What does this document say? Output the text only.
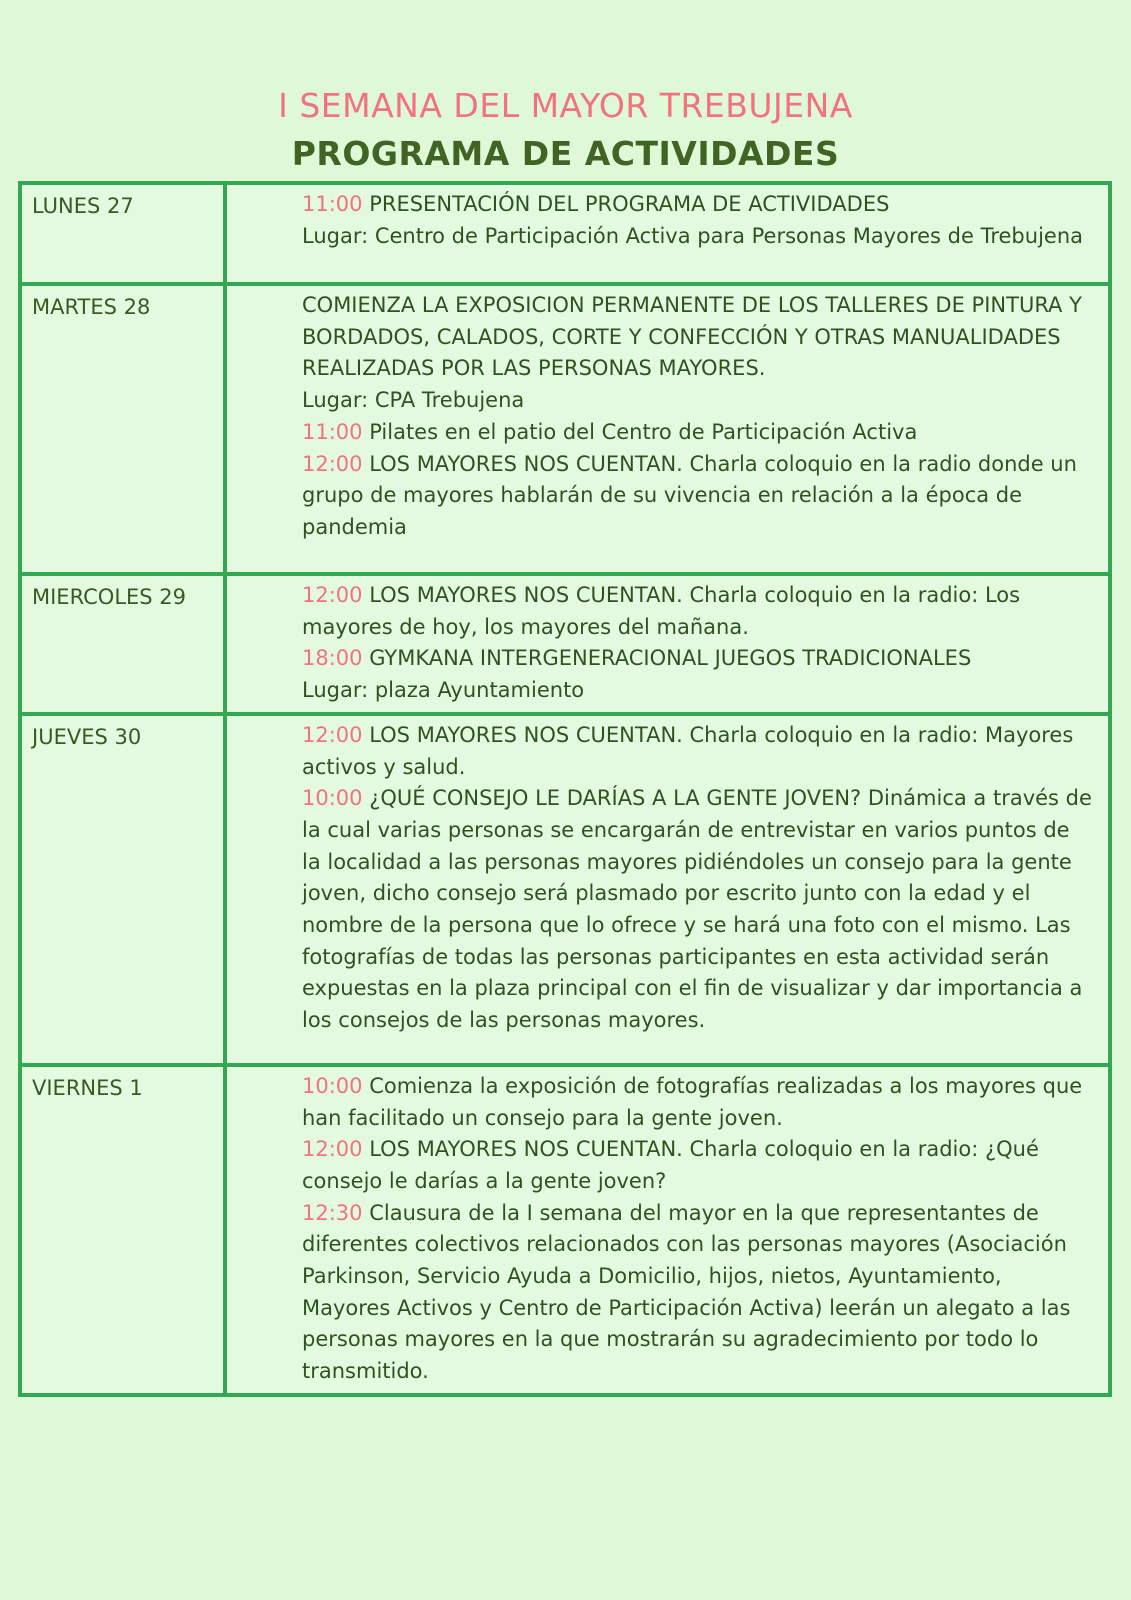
I SEMANA DEL MAYOR TREBUJENA
PROGRAMA DE ACTIVIDADES
LUNES 27	11:00 PRESENTACIÓN DEL PROGRAMA DE ACTIVIDADES

Lugar: Centro de Participación Activa para Personas Mayores de Trebujena

MARTES 28	COMIENZA LA EXPOSICION PERMANENTE DE LOS TALLERES DE PINTURA Y BORDADOS, CALADOS, CORTE Y CONFECCIÓN Y OTRAS MANUALIDADES REALIZADAS POR LAS PERSONAS MAYORES.

Lugar: CPA Trebujena

11:00 Pilates en el patio del Centro de Participación Activa

12:00 LOS MAYORES NOS CUENTAN. Charla coloquio en la radio donde un grupo de mayores hablarán de su vivencia en relación a la época de pandemia

MIERCOLES 29	12:00 LOS MAYORES NOS CUENTAN. Charla coloquio en la radio: Los mayores de hoy, los mayores del mañana.

18:00 GYMKANA INTERGENERACIONAL JUEGOS TRADICIONALES

Lugar: plaza Ayuntamiento

JUEVES 30	12:00 LOS MAYORES NOS CUENTAN. Charla coloquio en la radio: Mayores activos y salud.

10:00 ¿QUÉ CONSEJO LE DARÍAS A LA GENTE JOVEN? Dinámica a través de la cual varias personas se encargarán de entrevistar en varios puntos de la localidad a las personas mayores pidiéndoles un consejo para la gente joven, dicho consejo será plasmado por escrito junto con la edad y el nombre de la persona que lo ofrece y se hará una foto con el mismo. Las fotografías de todas las personas participantes en esta actividad serán expuestas en la plaza principal con el fin de visualizar y dar importancia a los consejos de las personas mayores.

VIERNES 1	10:00 Comienza la exposición de fotografías realizadas a los mayores que han facilitado un consejo para la gente joven.

12:00 LOS MAYORES NOS CUENTAN. Charla coloquio en la radio: ¿Qué consejo le darías a la gente joven?

12:30 Clausura de la I semana del mayor en la que representantes de diferentes colectivos relacionados con las personas mayores (Asociación Parkinson, Servicio Ayuda a Domicilio, hijos, nietos, Ayuntamiento, Mayores Activos y Centro de Participación Activa) leerán un alegato a las personas mayores en la que mostrarán su agradecimiento por todo lo transmitido.
